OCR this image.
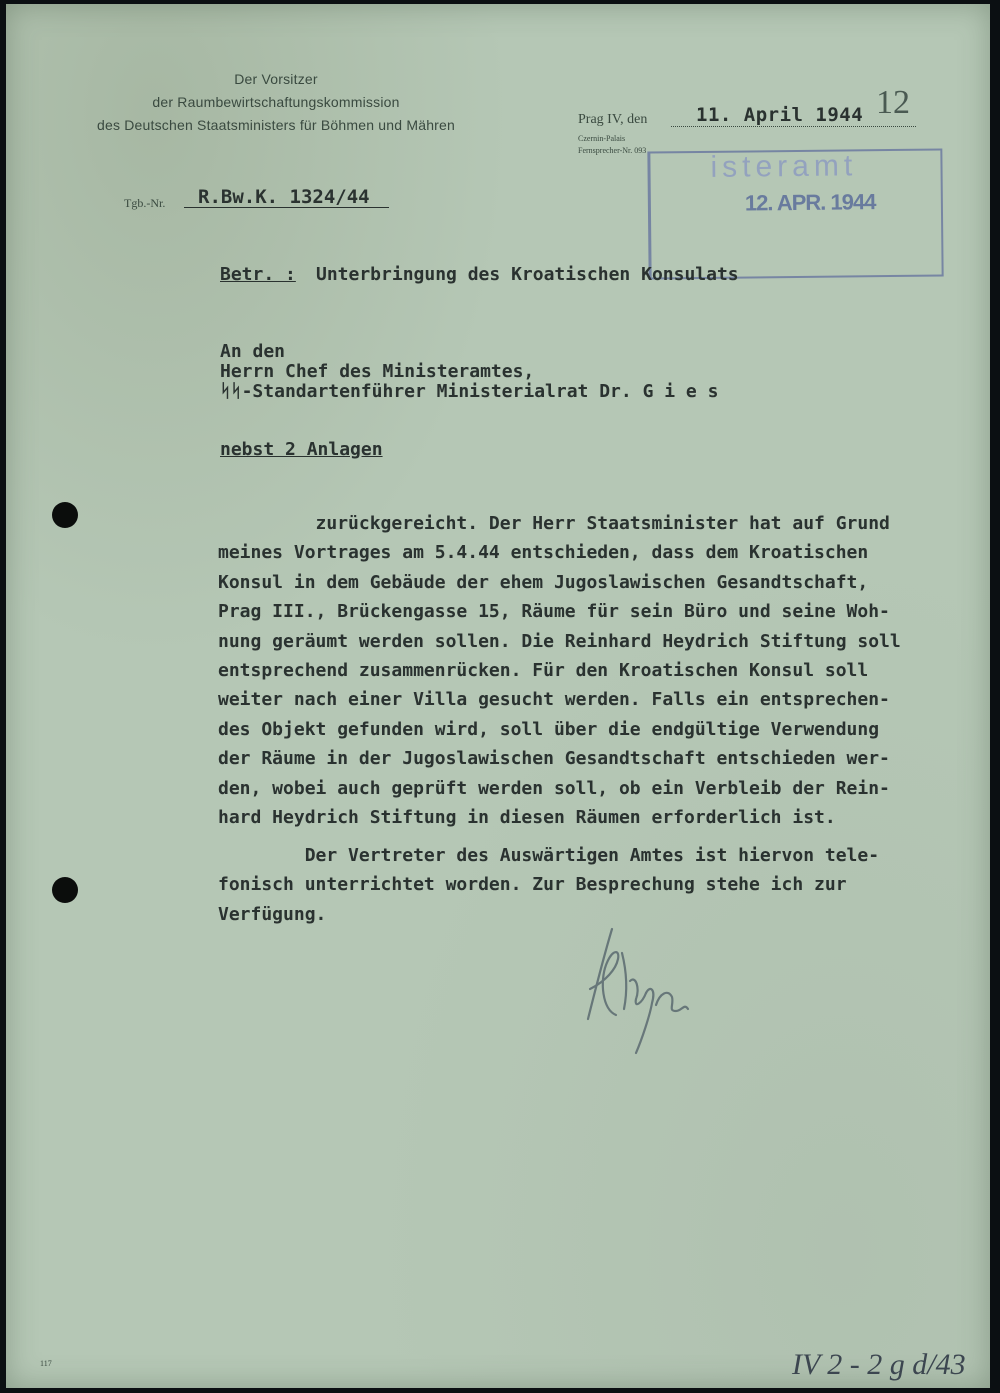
Der Vorsitzer
der Raumbewirtschaftungskommission
des Deutschen Staatsministers für Böhmen und Mähren	Prag IV, den	11. April 1944 12
Czernin-Palais
Fernsprecher-Nr. 093 isteramt
12. APR. 1944
Tgb.-Nr. R.Bw.K. 1324/44
Betr. : Unterbringung des Kroatischen Konsulats
An den
Herrn Chef des Ministeramtes,
ᛋᛋ-Standartenführer Ministerialrat Dr. G i e s
nebst 2 Anlagen
zurückgereicht. Der Herr Staatsminister hat auf Grund
meines Vortrages am 5.4.44 entschieden, dass dem Kroatischen
Konsul in dem Gebäude der ehem Jugoslawischen Gesandtschaft,
Prag III., Brückengasse 15, Räume für sein Büro und seine Woh-
nung geräumt werden sollen. Die Reinhard Heydrich Stiftung soll
entsprechend zusammenrücken. Für den Kroatischen Konsul soll
weiter nach einer Villa gesucht werden. Falls ein entsprechen-
des Objekt gefunden wird, soll über die endgültige Verwendung
der Räume in der Jugoslawischen Gesandtschaft entschieden wer-
den, wobei auch geprüft werden soll, ob ein Verbleib der Rein-
hard Heydrich Stiftung in diesen Räumen erforderlich ist.
Der Vertreter des Auswärtigen Amtes ist hiervon tele-
fonisch unterrichtet worden. Zur Besprechung stehe ich zur
Verfügung.
117	IV 2 - 2 g d/43
